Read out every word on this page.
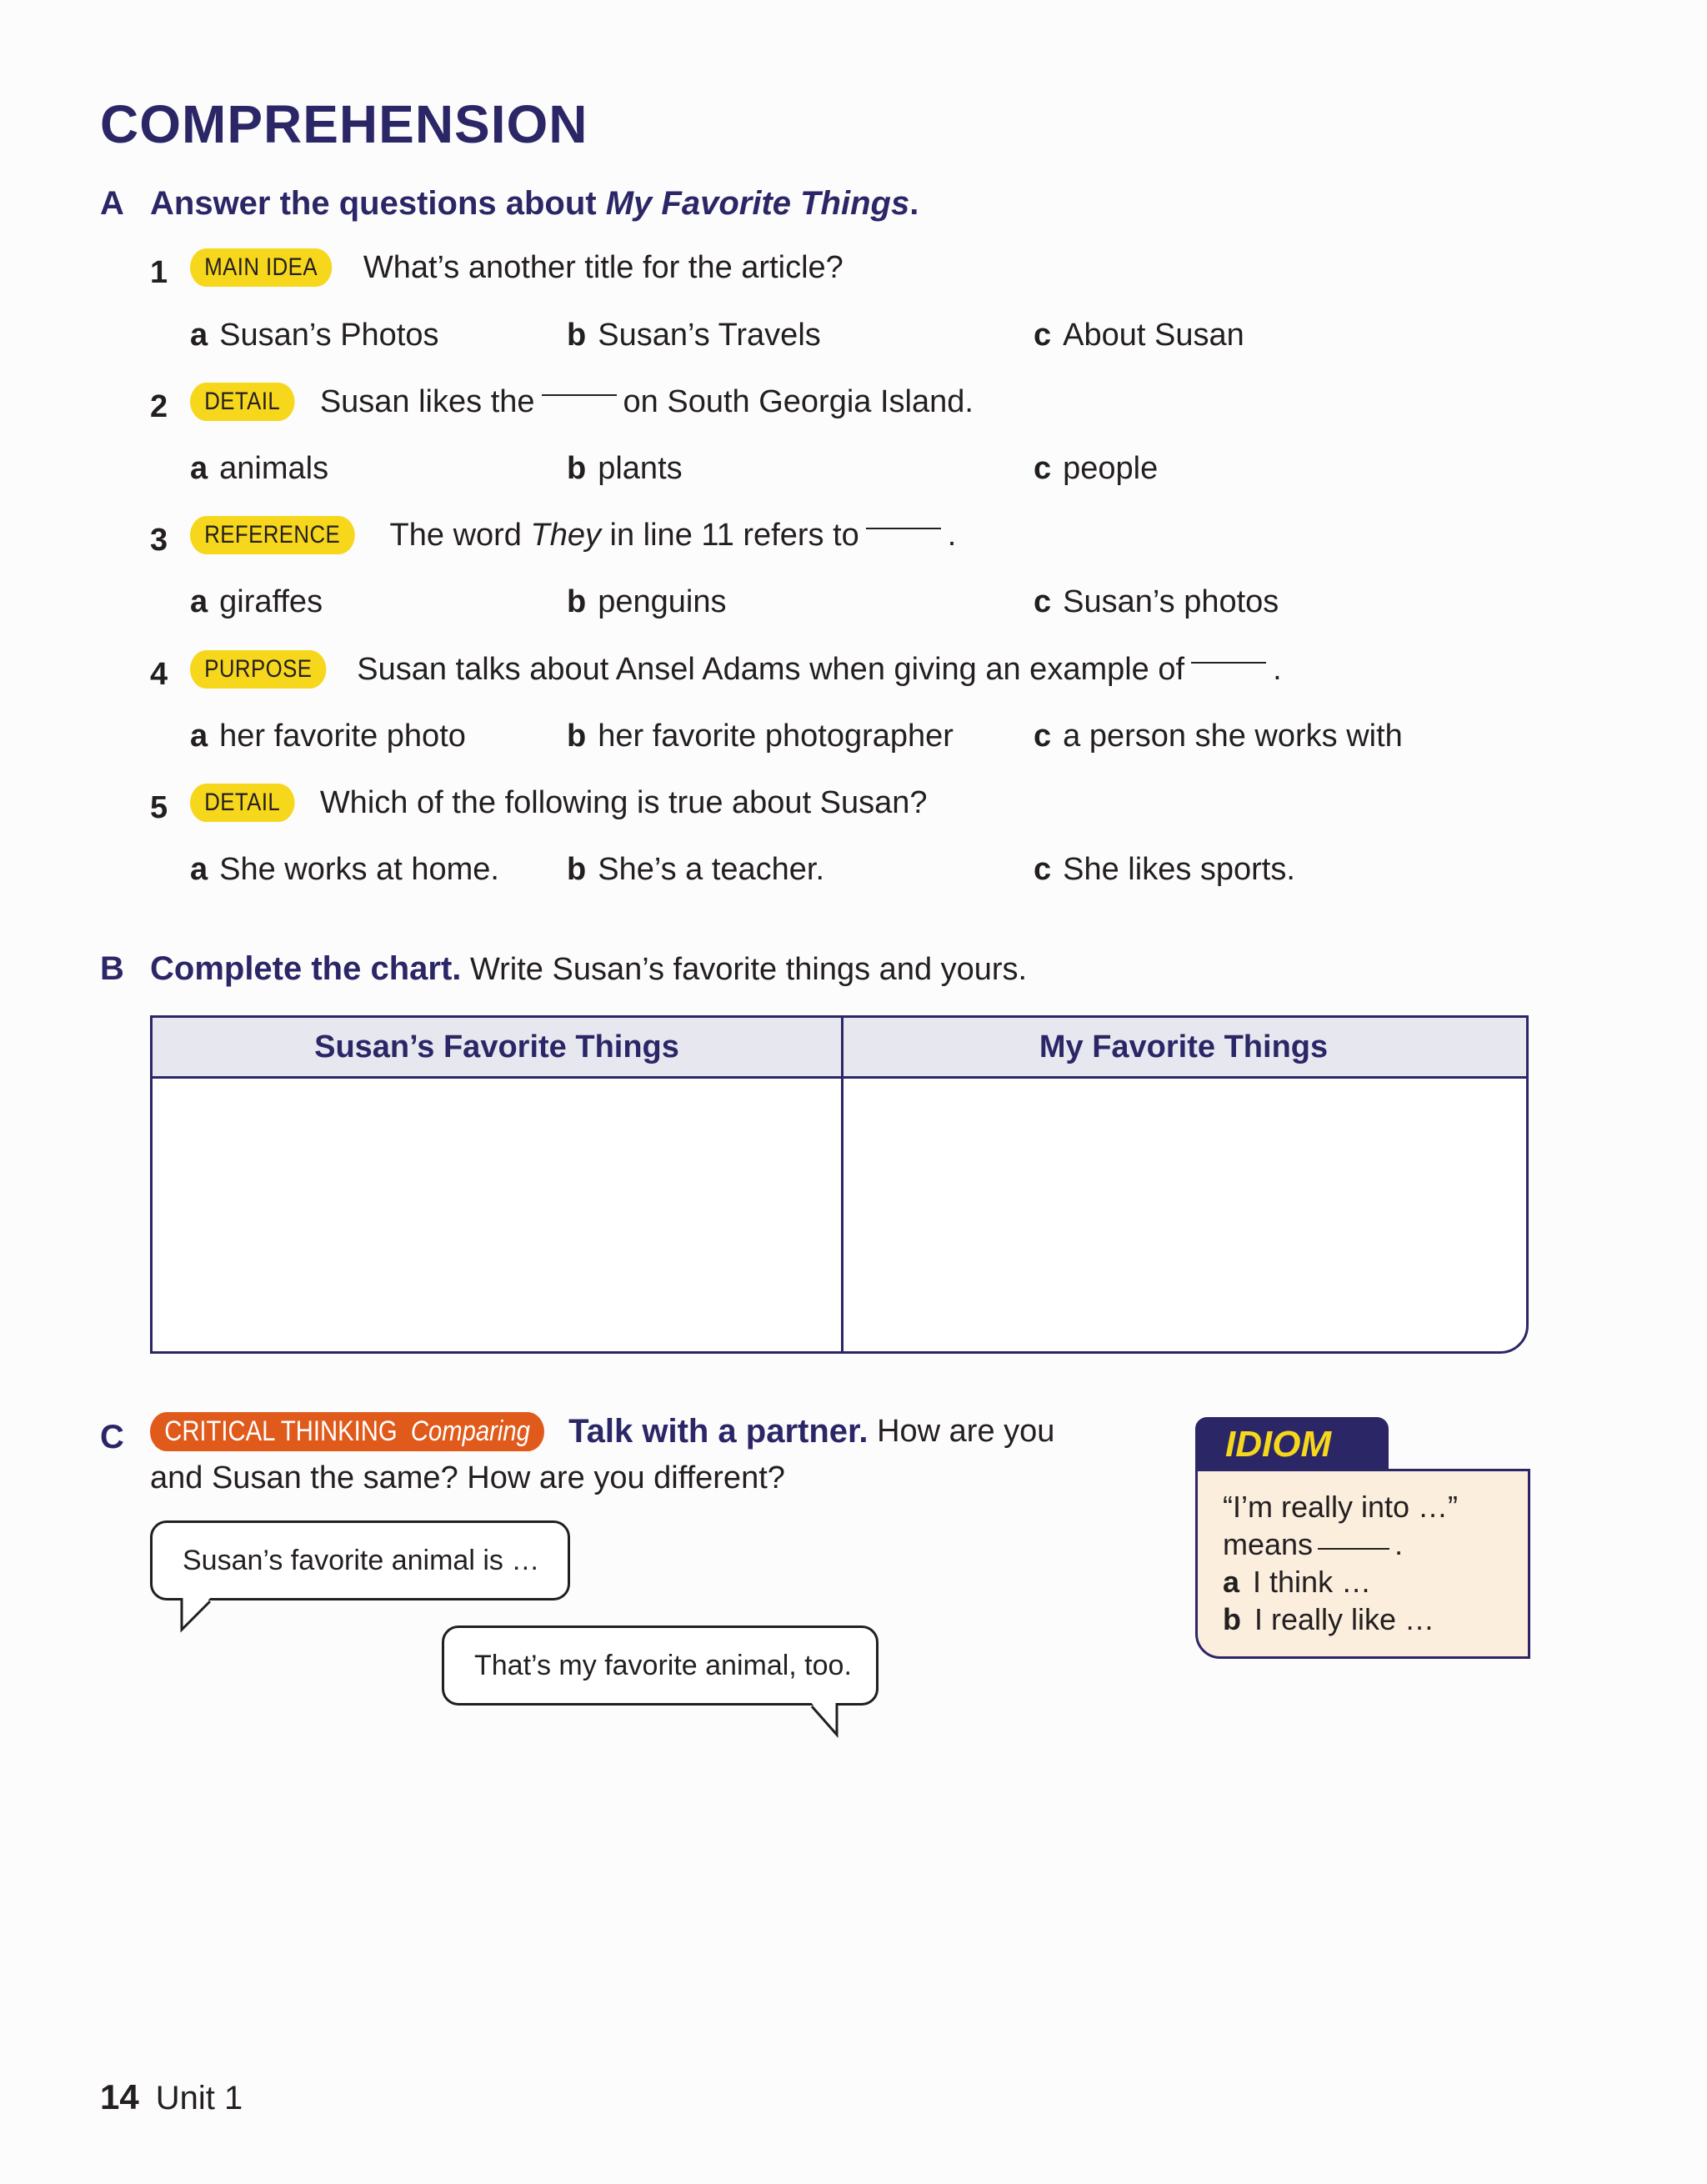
COMPREHENSION
A Answer the questions about My Favorite Things.
1	MAIN IDEA	What’s another title for the article?
a Susan’s Photos	b Susan’s Travels	c About Susan
2	DETAIL	Susan likes the	on South Georgia Island.
a animals	b plants	c people
3	REFERENCE	The word They in line 11 refers to	.
a giraffes	b penguins	c Susan’s photos
4	PURPOSE	Susan talks about Ansel Adams when giving an example of	.
a her favorite photo	b her favorite photographer	c a person she works with
5	DETAIL	Which of the following is true about Susan?
a She works at home. b She’s a teacher.	c She likes sports.
B Complete the chart. Write Susan’s favorite things and yours.
Susan’s Favorite Things	My Favorite Things
C	CRITICAL THINKING Comparing	Talk with a partner. How are you
and Susan the same? How are you different?
Susan’s favorite animal is …
That’s my favorite animal, too.
IDIOM
“I’m really into …”
means	.
a I think …
b I really like …
14 Unit 1
